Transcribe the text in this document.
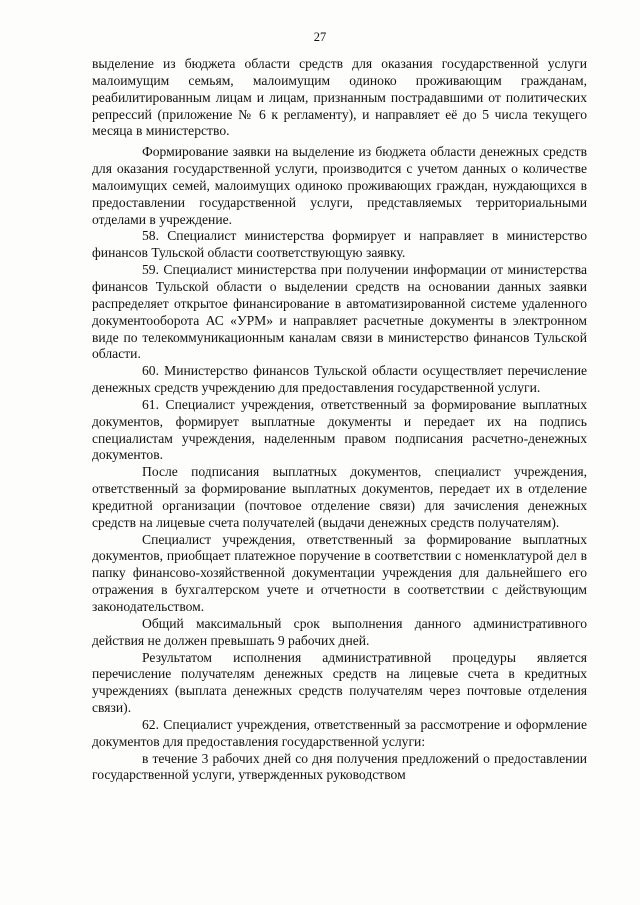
27

выделение из бюджета области средств для оказания государственной услуги малоимущим семьям, малоимущим одиноко проживающим гражданам, реабилитированным лицам и лицам, признанным пострадавшими от политических репрессий (приложение № 6 к регламенту), и направляет её до 5 числа текущего месяца в министерство.

Формирование заявки на выделение из бюджета области денежных средств для оказания государственной услуги, производится с учетом данных о количестве малоимущих семей, малоимущих одиноко проживающих граждан, нуждающихся в предоставлении государственной услуги, представляемых территориальными отделами в учреждение.

58. Специалист министерства формирует и направляет в министерство финансов Тульской области соответствующую заявку.

59. Специалист министерства при получении информации от министерства финансов Тульской области о выделении средств на основании данных заявки распределяет открытое финансирование в автоматизированной системе удаленного документооборота АС «УРМ» и направляет расчетные документы в электронном виде по телекоммуникационным каналам связи в министерство финансов Тульской области.

60. Министерство финансов Тульской области осуществляет перечисление денежных средств учреждению для предоставления государственной услуги.

61. Специалист учреждения, ответственный за формирование выплатных документов, формирует выплатные документы и передает их на подпись специалистам учреждения, наделенным правом подписания расчетно-денежных документов.

После подписания выплатных документов, специалист учреждения, ответственный за формирование выплатных документов, передает их в отделение кредитной организации (почтовое отделение связи) для зачисления денежных средств на лицевые счета получателей (выдачи денежных средств получателям).

Специалист учреждения, ответственный за формирование выплатных документов, приобщает платежное поручение в соответствии с номенклатурой дел в папку финансово-хозяйственной документации учреждения для дальнейшего его отражения в бухгалтерском учете и отчетности в соответствии с действующим законодательством.

Общий максимальный срок выполнения данного административного действия не должен превышать 9 рабочих дней.

Результатом исполнения административной процедуры является перечисление получателям денежных средств на лицевые счета в кредитных учреждениях (выплата денежных средств получателям через почтовые отделения связи).

62. Специалист учреждения, ответственный за рассмотрение и оформление документов для предоставления государственной услуги:

в течение 3 рабочих дней со дня получения предложений о предоставлении государственной услуги, утвержденных руководством
